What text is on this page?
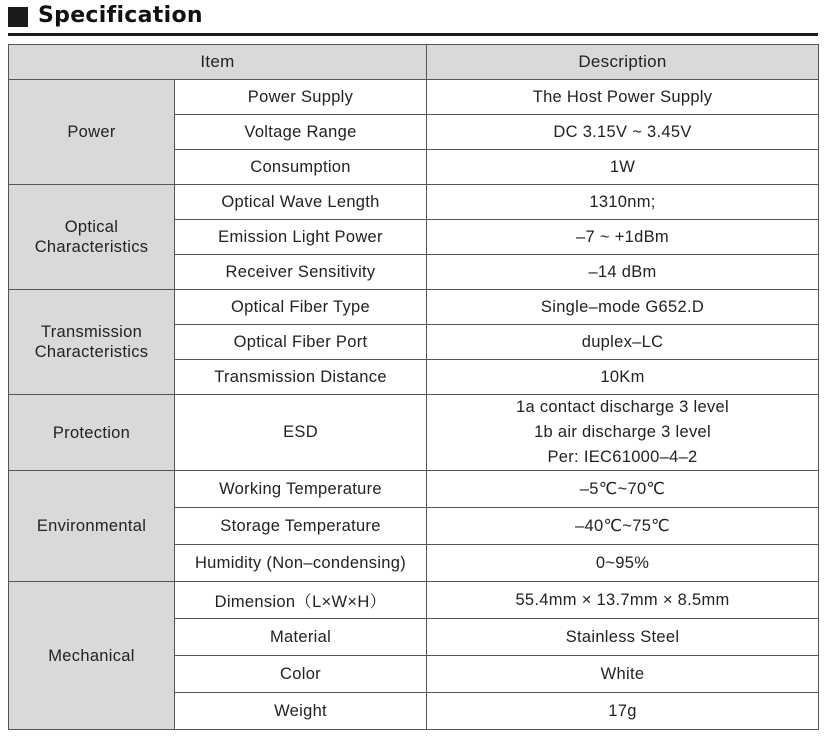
Specification
Item		Description

Power	Power Supply	The Host Power Supply
	Voltage Range	DC 3.15V ~ 3.45V
	Consumption	1W

Optical
Characteristics	Optical Wave Length	1310nm;
	Emission Light Power	–7 ~ +1dBm
	Receiver Sensitivity	–14 dBm

Transmission
Characteristics	Optical Fiber Type	Single–mode G652.D
	Optical Fiber Port	duplex–LC
	Transmission Distance	10Km

Protection	ESD	1a contact discharge 3 level
1b air discharge 3 level
Per: IEC61000–4–2

Environmental	Working Temperature	–5℃~70℃
	Storage Temperature	–40℃~75℃
	Humidity (Non–condensing)	0~95%

Mechanical	Dimension（L×W×H）	55.4mm × 13.7mm × 8.5mm
	Material	Stainless Steel
	Color	White
	Weight	17g
